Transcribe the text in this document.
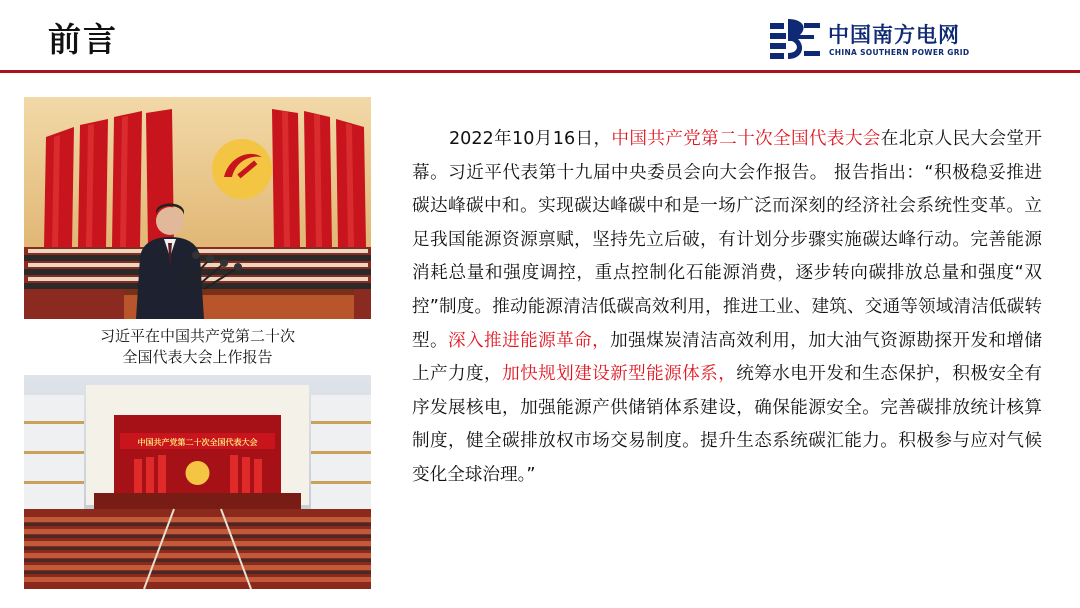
前言	中国南方电网
CHINA SOUTHERN POWER GRID
习近平在中国共产党第二十次
全国代表大会上作报告
中国共产党第二十次全国代表大会
2022年10月16日，中国共产党第二十次全国代表大会在北京人民大会堂开幕。习近平代表第十九届中央委员会向大会作报告。 报告指出：“积极稳妥推进碳达峰碳中和。实现碳达峰碳中和是一场广泛而深刻的经济社会系统性变革。立足我国能源资源禀赋，坚持先立后破，有计划分步骤实施碳达峰行动。完善能源消耗总量和强度调控，重点控制化石能源消费，逐步转向碳排放总量和强度“双控”制度。推动能源清洁低碳高效利用，推进工业、建筑、交通等领域清洁低碳转型。深入推进能源革命，加强煤炭清洁高效利用，加大油气资源勘探开发和增储上产力度，加快规划建设新型能源体系，统筹水电开发和生态保护，积极安全有序发展核电，加强能源产供储销体系建设，确保能源安全。完善碳排放统计核算制度，健全碳排放权市场交易制度。提升生态系统碳汇能力。积极参与应对气候变化全球治理。”
